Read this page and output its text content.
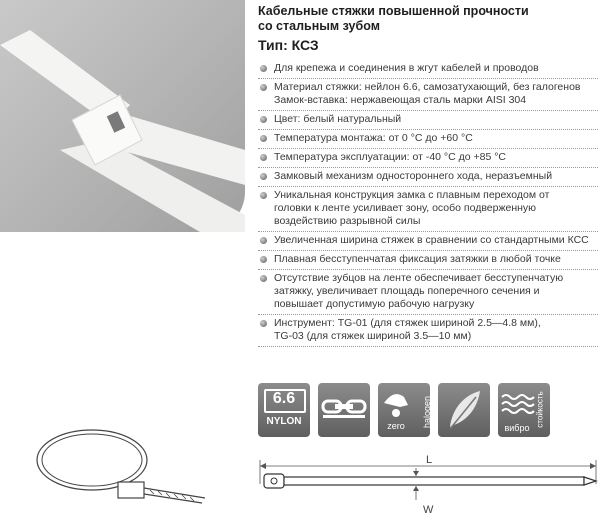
Кабельные стяжки повышенной прочности
со стальным зубом
Тип: КСЗ
Для крепежа и соединения в жгут кабелей и проводов
Материал стяжки: нейлон 6.6, самозатухающий, без галогенов
Замок-вставка: нержавеющая сталь марки AISI 304
Цвет: белый натуральный
Температура монтажа: от 0 °С до +60 °С
Температура эксплуатации: от -40 °С до +85 °С
Замковый механизм одностороннего хода, неразъемный
Уникальная конструкция замка с плавным переходом от
головки к ленте усиливает зону, особо подверженную
воздействию разрывной силы
Увеличенная ширина стяжек в сравнении со стандартными КСС
Плавная бесступенчатая фиксация затяжки в любой точке
Отсутствие зубцов на ленте обеспечивает бесступенчатую
затяжку, увеличивает площадь поперечного сечения и
повышает допустимую рабочую нагрузку
Инструмент: TG-01 (для стяжек шириной 2.5—4.8 мм),
TG-03 (для стяжек шириной 3.5—10 мм)
6.6
NYLON	zero	halogen	вибро
стойкость
L
W
